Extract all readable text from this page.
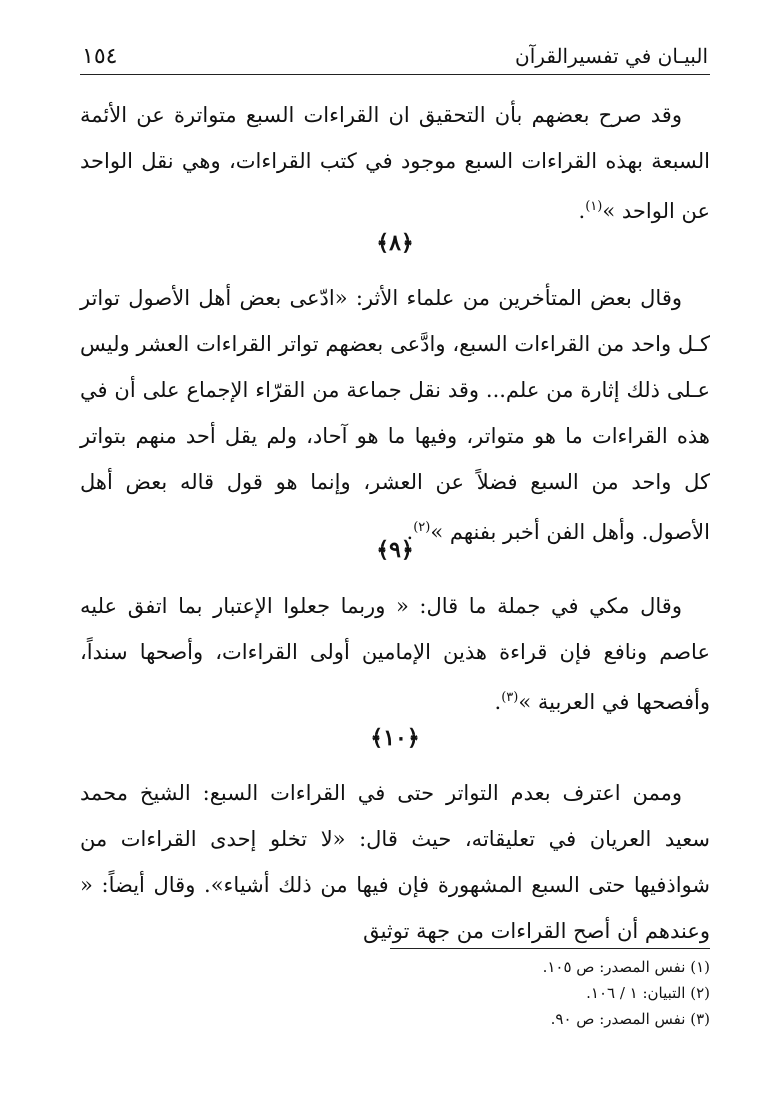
١٥٤	البيـان في تفسيرالقرآن

وقد صرح بعضهم بأن التحقيق ان القراءات السبع متواترة عن الأئمة السبعة بهذه القراءات السبع موجود في كتب القراءات، وهي نقل الواحد عن الواحد »$^{(١)}$.

﴿٨﴾

وقال بعض المتأخرين من علماء الأثر: «ادّعى بعض أهل الأصول تواتر كـل واحد من القراءات السبع، وادَّعى بعضهم تواتر القراءات العشر وليس عـلى ذلك إثارة من علم... وقد نقل جماعة من القرّاء الإجماع على أن في هذه القراءات ما هو متواتر، وفيها ما هو آحاد، ولم يقل أحد منهم بتواتر كل واحد من السبع فضلاً عن العشر، وإنما هو قول قاله بعض أهل الأصول. وأهل الفن أخبر بفنهم »$^{(٢)}$.

﴿٩﴾

وقال مكي في جملة ما قال: « وربما جعلوا الإعتبار بما اتفق عليه عاصم ونافع فإن قراءة هذين الإمامين أولى القراءات، وأصحها سنداً، وأفصحها في العربية »$^{(٣)}$.

﴿١٠﴾

وممن اعترف بعدم التواتر حتى في القراءات السبع: الشيخ محمد سعيد العريان في تعليقاته، حيث قال: «لا تخلو إحدى القراءات من شواذفيها حتى السبع المشهورة فإن فيها من ذلك أشياء». وقال أيضاً: « وعندهم أن أصح القراءات من جهة توثيق

(١) نفس المصدر: ص ١٠٥.
(٢) التبيان: ١ / ١٠٦.
(٣) نفس المصدر: ص ٩٠.
